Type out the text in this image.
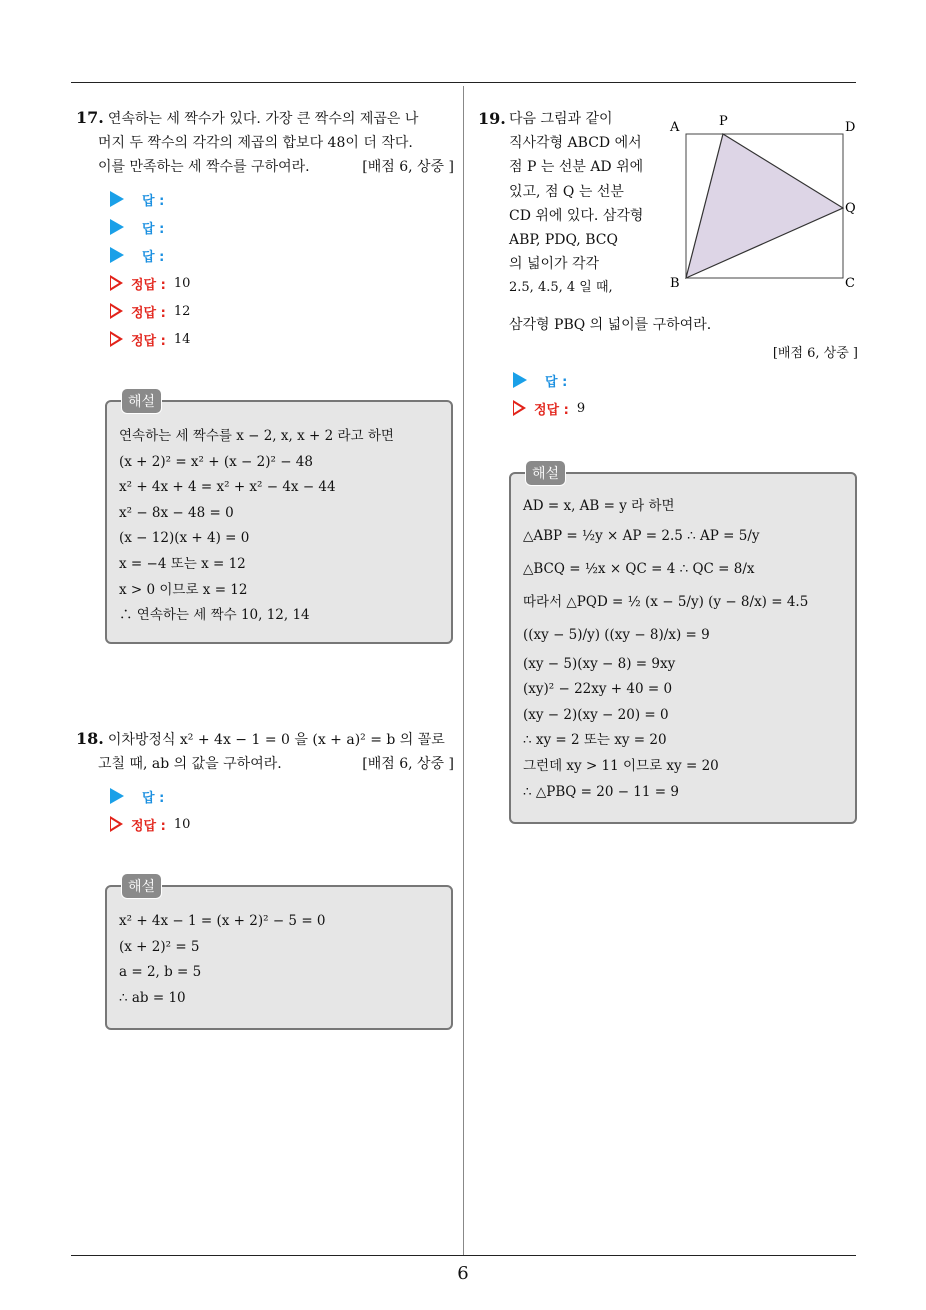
17. 연속하는 세 짝수가 있다. 가장 큰 짝수의 제곱은 나
머지 두 짝수의 각각의 제곱의 합보다 48이 더 작다.
이를 만족하는 세 짝수를 구하여라.	[배점 6, 상중 ]
답 :
답 :
답 :
정답 : 10
정답 : 12
정답 : 14
해설
연속하는 세 짝수를 x − 2, x, x + 2 라고 하면
(x + 2)² = x² + (x − 2)² − 48
x² + 4x + 4 = x² + x² − 4x − 44
x² − 8x − 48 = 0
(x − 12)(x + 4) = 0
x = −4 또는 x = 12
x > 0 이므로 x = 12
∴ 연속하는 세 짝수 10, 12, 14
18. 이차방정식 x² + 4x − 1 = 0 을 (x + a)² = b 의 꼴로
고칠 때, ab 의 값을 구하여라.	[배점 6, 상중 ]
답 :
정답 : 10
해설
x² + 4x − 1 = (x + 2)² − 5 = 0
(x + 2)² = 5
a = 2, b = 5
∴ ab = 10
19. 다음 그림과 같이
직사각형 ABCD 에서
점 P 는 선분 AD 위에
있고, 점 Q 는 선분
CD 위에 있다. 삼각형
ABP, PDQ, BCQ
의 넓이가 각각
2.5, 4.5, 4 일 때,
삼각형 PBQ 의 넓이를 구하여라.
[배점 6, 상중 ]
A	P	D
Q
B	C
답 :
정답 : 9
해설
AD = x, AB = y 라 하면
△ABP = ½y × AP = 2.5 ∴ AP = 5/y
△BCQ = ½x × QC = 4 ∴ QC = 8/x
따라서 △PQD = ½ (x − 5/y) (y − 8/x) = 4.5
((xy − 5)/y) ((xy − 8)/x) = 9
(xy − 5)(xy − 8) = 9xy
(xy)² − 22xy + 40 = 0
(xy − 2)(xy − 20) = 0
∴ xy = 2 또는 xy = 20
그런데 xy > 11 이므로 xy = 20
∴ △PBQ = 20 − 11 = 9
6
